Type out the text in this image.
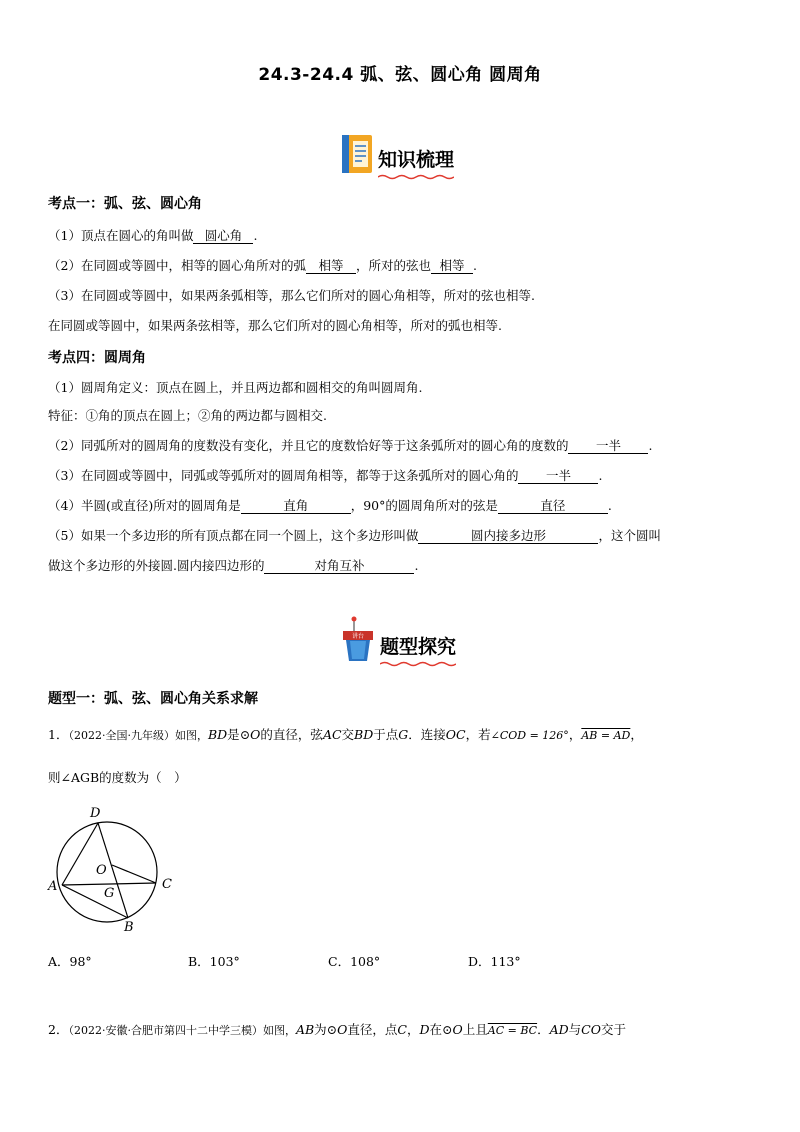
24.3-24.4 弧、弦、圆心角 圆周角
知识梳理
考点一：弧、弦、圆心角
（1）顶点在圆心的角叫做 圆心角 .
（2）在同圆或等圆中，相等的圆心角所对的弧 相等 ，所对的弦也 相等 .
（3）在同圆或等圆中，如果两条弧相等，那么它们所对的圆心角相等，所对的弦也相等.
在同圆或等圆中，如果两条弦相等，那么它们所对的圆心角相等，所对的弧也相等.
考点四：圆周角
（1）圆周角定义：顶点在圆上，并且两边都和圆相交的角叫圆周角.
特征：①角的顶点在圆上；②角的两边都与圆相交.
（2）同弧所对的圆周角的度数没有变化，并且它的度数恰好等于这条弧所对的圆心角的度数的 一半 .
（3）在同圆或等圆中，同弧或等弧所对的圆周角相等，都等于这条弧所对的圆心角的 一半 .
（4）半圆(或直径)所对的圆周角是	直角	，90°的圆周角所对的弦是	直径	.
（5）如果一个多边形的所有顶点都在同一个圆上，这个多边形叫做	圆内接多边形	，这个圆叫
做这个多边形的外接圆.圆内接四边形的	对角互补	.
讲台 题型探究
题型一：弧、弦、圆心角关系求解
1．（2022·全国·九年级）如图，BD是⊙O的直径，弦AC交BD于点G．连接OC，若∠COD = 126°，AB = AD，
则∠AGB的度数为（　）
D
O
A	G
C
B
A．98°	B．103°	C．108°	D．113°
2．（2022·安徽·合肥市第四十二中学三模）如图，AB为⊙O直径，点C，D在⊙O上且AC = BC．AD与CO交于
